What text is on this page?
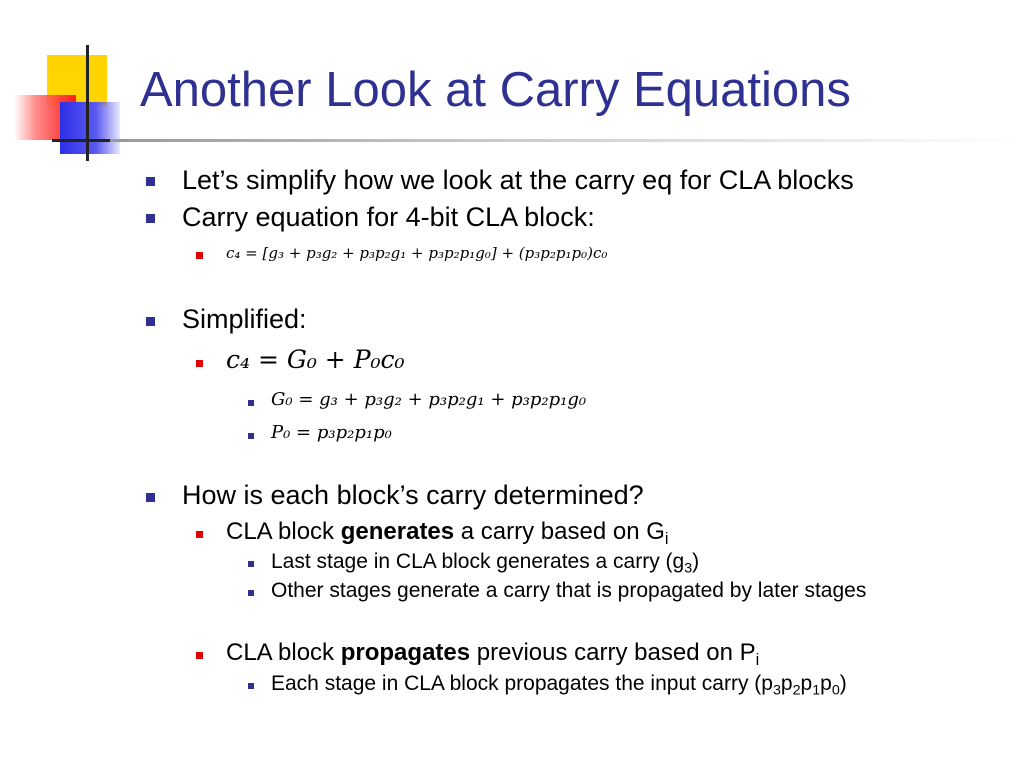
Another Look at Carry Equations
Let’s simplify how we look at the carry eq for CLA blocks
Carry equation for 4-bit CLA block:
c₄ = [g₃ + p₃g₂ + p₃p₂g₁ + p₃p₂p₁g₀] + (p₃p₂p₁p₀)c₀
Simplified:
c₄ = G₀ + P₀c₀
G₀ = g₃ + p₃g₂ + p₃p₂g₁ + p₃p₂p₁g₀
P₀ = p₃p₂p₁p₀
How is each block’s carry determined?
CLA block generates a carry based on $G_i$
Last stage in CLA block generates a carry $(g_3)$
Other stages generate a carry that is propagated by later stages
CLA block propagates previous carry based on $P_i$
Each stage in CLA block propagates the input carry $(p_3p_2p_1p_0)$
